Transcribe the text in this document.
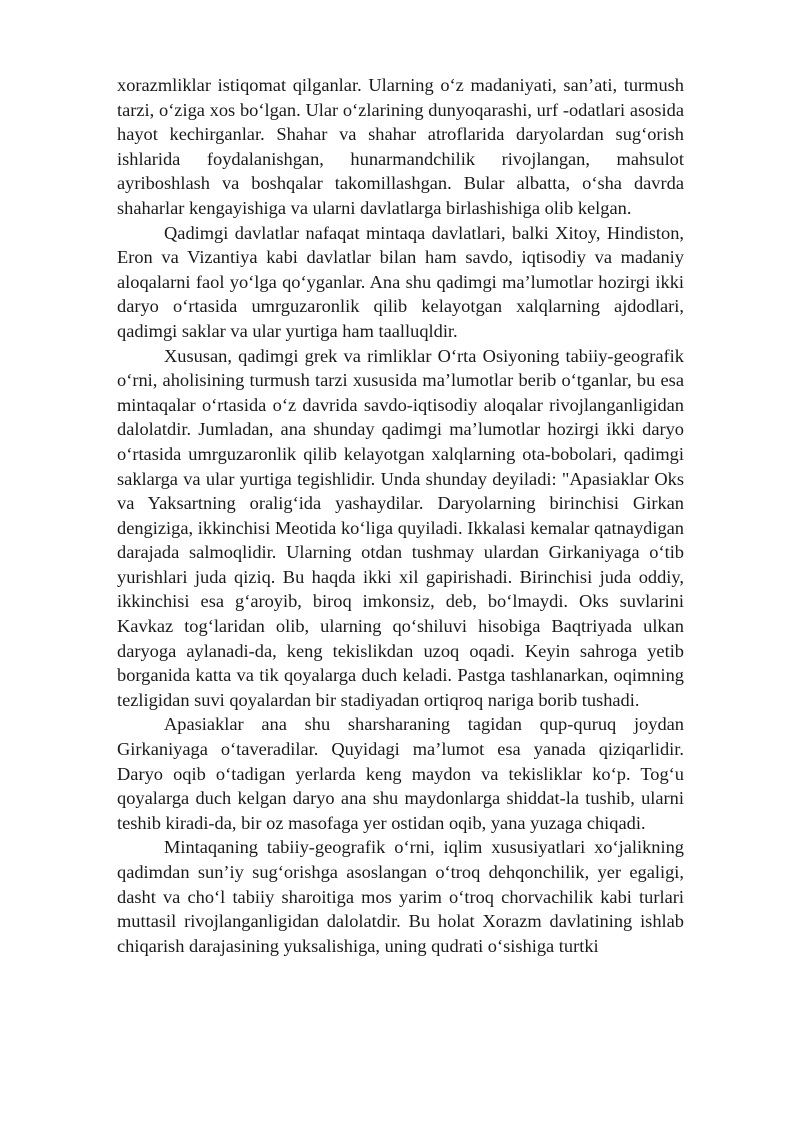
xorazmliklar istiqomat qilganlar. Ularning o‘z madaniyati, san’ati, turmush tarzi, o‘ziga xos bo‘lgan. Ular o‘zlarining dunyoqarashi, urf -odatlari asosida hayot kechirganlar. Shahar va shahar atroflarida daryolardan sug‘orish ishlarida foydalanishgan, hunarmandchilik rivojlangan, mahsulot ayriboshlash va boshqalar takomillashgan. Bular albatta, o‘sha davrda shaharlar kengayishiga va ularni davlatlarga birlashishiga olib kelgan.

Qadimgi davlatlar nafaqat mintaqa davlatlari, balki Xitoy, Hindiston, Eron va Vizantiya kabi davlatlar bilan ham savdo, iqtisodiy va madaniy aloqalarni faol yo‘lga qo‘yganlar. Ana shu qadimgi ma’lumotlar hozirgi ikki daryo o‘rtasida umrguzaronlik qilib kelayotgan xalqlarning ajdodlari, qadimgi saklar va ular yurtiga ham taalluqldir.

Xususan, qadimgi grek va rimliklar O‘rta Osiyoning tabiiy-geografik o‘rni, aholisining turmush tarzi xususida ma’lumotlar berib o‘tganlar, bu esa mintaqalar o‘rtasida o‘z davrida savdo-iqtisodiy aloqalar rivojlanganligidan dalolatdir. Jumladan, ana shunday qadimgi ma’lumotlar hozirgi ikki daryo o‘rtasida umrguzaronlik qilib kelayotgan xalqlarning ota-bobolari, qadimgi saklarga va ular yurtiga tegishlidir. Unda shunday deyiladi: "Apasiaklar Oks va Yaksartning oralig‘ida yashaydilar. Daryolarning birinchisi Girkan dengiziga, ikkinchisi Meotida ko‘liga quyiladi. Ikkalasi kemalar qatnaydigan darajada salmoqlidir. Ularning otdan tushmay ulardan Girkaniyaga o‘tib yurishlari juda qiziq. Bu haqda ikki xil gapirishadi. Birinchisi juda oddiy, ikkinchisi esa g‘aroyib, biroq imkonsiz, deb, bo‘lmaydi. Oks suvlarini Kavkaz tog‘laridan olib, ularning qo‘shiluvi hisobiga Baqtriyada ulkan daryoga aylanadi-da, keng tekislikdan uzoq oqadi. Keyin sahroga yetib borganida katta va tik qoyalarga duch keladi. Pastga tashlanarkan, oqimning tezligidan suvi qoyalardan bir stadiyadan ortiqroq nariga borib tushadi.

Apasiaklar ana shu sharsharaning tagidan qup-quruq joydan Girkaniyaga o‘taveradilar. Quyidagi ma’lumot esa yanada qiziqarlidir. Daryo oqib o‘tadigan yerlarda keng maydon va tekisliklar ko‘p. Tog‘u qoyalarga duch kelgan daryo ana shu maydonlarga shiddat-la tushib, ularni teshib kiradi-da, bir oz masofaga yer ostidan oqib, yana yuzaga chiqadi.

Mintaqaning tabiiy-geografik o‘rni, iqlim xususiyatlari xo‘jalikning qadimdan sun’iy sug‘orishga asoslangan o‘troq dehqonchilik, yer egaligi, dasht va cho‘l tabiiy sharoitiga mos yarim o‘troq chorvachilik kabi turlari muttasil rivojlanganligidan dalolatdir. Bu holat Xorazm davlatining ishlab chiqarish darajasining yuksalishiga, uning qudrati o‘sishiga turtki
